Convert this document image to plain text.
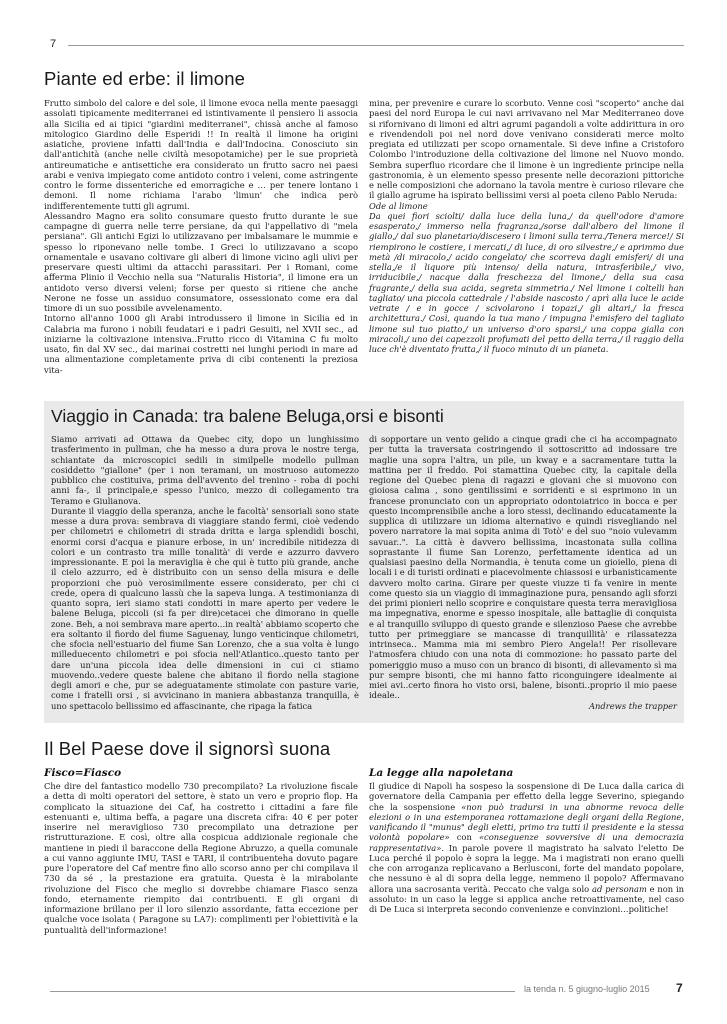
7
Piante ed erbe: il limone

Frutto simbolo del calore e del sole, il limone evoca nella mente paesaggi assolati tipicamente mediterranei ed istintivamente il pensiero li associa alla Sicilia ed ai tipici "giardini mediterranei", chissà anche al famoso mitologico Giardino delle Esperidi !! In realtà il limone ha origini asiatiche, proviene infatti dall'India e dall'Indocina. Conosciuto sin dall'antichità (anche nelle civiltà mesopotamiche) per le sue proprietà antireumatiche e antisettiche era considerato un frutto sacro nei paesi arabi e veniva impiegato come antidoto contro i veleni, come astringente contro le forme dissenteriche ed emorragiche e … per tenere lontano i demoni. Il nome richiama l'arabo 'limun' che indica però indifferentemente tutti gli agrumi.

Alessandro Magno era solito consumare questo frutto durante le sue campagne di guerra nelle terre persiane, da qui l'appellativo di "mela persiana". Gli antichi Egizi lo utilizzavano per imbalsamare le mummie e spesso lo riponevano nelle tombe. I Greci lo utilizzavano a scopo ornamentale e usavano coltivare gli alberi di limone vicino agli ulivi per preservare questi ultimi da attacchi parassitari. Per i Romani, come afferma Plinio il Vecchio nella sua "Naturalis Historia", il limone era un antidoto verso diversi veleni; forse per questo si ritiene che anche Nerone ne fosse un assiduo consumatore, ossessionato come era dal timore di un suo possibile avvelenamento.

Intorno all'anno 1000 gli Arabi introdussero il limone in Sicilia ed in Calabria ma furono i nobili feudatari e i padri Gesuiti, nel XVII sec., ad iniziarne la coltivazione intensiva..Frutto ricco di Vitamina C fu molto usato, fin dal XV sec., dai marinai costretti nei lunghi periodi in mare ad una alimentazione completamente priva di cibi contenenti la preziosa vita-

mina, per prevenire e curare lo scorbuto. Venne così "scoperto" anche dai paesi del nord Europa le cui navi arrivavano nel Mar Mediterraneo dove si rifornivano di limoni ed altri agrumi pagandoli a volte addirittura in oro e rivendendoli poi nel nord dove venivano considerati merce molto pregiata ed utilizzati per scopo ornamentale. Si deve infine a Cristoforo Colombo l'introduzione della coltivazione del limone nel Nuovo mondo. Sembra superfluo ricordare che il limone è un ingrediente principe nella gastronomia, è un elemento spesso presente nelle decorazioni pittoriche e nelle composizioni che adornano la tavola mentre è curioso rilevare che il giallo agrume ha ispirato bellissimi versi al poeta cileno Pablo Neruda:

Ode al limone

Da quei fiori sciolti/ dalla luce della luna,/ da quell'odore d'amore esasperato,/ immerso nella fragranza,/sorse dall'albero del limone il giallo,/ dal suo planetario/discesero i limoni sulla terra./Tenera merce!/ Si riempirono le costiere, i mercati,/ di luce, di oro silvestre,/ e aprimmo due metà /di miracolo,/ acido congelato/ che scorreva dagli emisferi/ di una stella,/e il liquore più intenso/ della natura, intrasferibile,/ vivo, irriducibile,/ nacque dalla freschezza del limone,/ della sua casa fragrante,/ della sua acida, segreta simmetria./ Nel limone i coltelli han tagliato/ una piccola cattedrale / l'abside nascosto / aprì alla luce le acide vetrate / e in gocce / scivolarono i topazi,/ gli altari,/ la fresca architettura./ Così, quando la tua mano / impugna l'emisfero del tagliato limone sul tuo piatto,/ un universo d'oro sparsi,/ una coppa gialla con miracoli,/ uno dei capezzoli profumati del petto della terra,/ il raggio della luce ch'è diventato frutta,/ il fuoco minuto di un pianeta.

Viaggio in Canada: tra balene Beluga,orsi e bisonti

Siamo arrivati ad Ottawa da Quebec city, dopo un lunghissimo trasferimento in pullman, che ha messo a dura prova le nostre terga, schiantate da microscopici sedili in similpelle modello pullman cosiddetto "giallone" (per i non teramani, un mostruoso automezzo pubblico che costituiva, prima dell'avvento del trenino - roba di pochi anni fa-, il principale,e spesso l'unico, mezzo di collegamento tra Teramo e Giulianova.

Durante il viaggio della speranza, anche le facoltà' sensoriali sono state messe a dura prova: sembrava di viaggiare stando fermi, cioè vedendo per chilometri e chilometri di strada dritta e larga splendidi boschi, enormi corsi d'acqua e pianure erbose, in un' incredibile nitidezza di colori e un contrasto tra mille tonalità' di verde e azzurro davvero impressionante. E poi la meraviglia è che qui è tutto più grande, anche il cielo azzurro, ed è distribuito con un senso della misura e delle proporzioni che può verosimilmente essere considerato, per chi ci crede, opera di qualcuno lassù che la sapeva lunga. A testimonianza di quanto sopra, ieri siamo stati condotti in mare aperto per vedere le balene Beluga, piccoli (si fa per dire)cetacei che dimorano in quelle zone. Beh, a noi sembrava mare aperto...in realtà' abbiamo scoperto che era soltanto il fiordo del fiume Saguenay, lungo venticinque chilometri, che sfocia nell'estuario del fiume San Lorenzo, che a sua volta è lungo milleduecento chilometri e poi sfocia nell'Atlantico..questo tanto per dare un'una piccola idea delle dimensioni in cui ci stiamo muovendo..vedere queste balene che abitano il fiordo nella stagione degli amori e che, pur se adeguatamente stimolate con pasture varie, come i fratelli orsi , si avvicinano in maniera abbastanza tranquilla, è uno spettacolo bellissimo ed affascinante, che ripaga la fatica

di sopportare un vento gelido a cinque gradi che ci ha accompagnato per tutta la traversata costringendo il sottoscritto ad indossare tre maglie una sopra l'altra, un pile, un kway e a sacramentare tutta la mattina per il freddo. Poi stamattina Quebec city, la capitale della regione del Quebec piena di ragazzi e giovani che si muovono con gioiosa calma , sono gentilissimi e sorridenti e si esprimono in un francese pronunciato con un appropriato odontoiatrico in bocca e per questo incomprensibile anche a loro stessi, declinando educatamente la supplica di utilizzare un idioma alternativo e quindi risvegliando nel povero narratore la mai sopita anima di Totò' e del suo "noio vulevamm savuar..". La città è davvero bellissima, incastonata sulla collina soprastante il fiume San Lorenzo, perfettamente identica ad un qualsiasi paesino della Normandia, è tenuta come un gioiello, piena di locali i e di turisti ordinati e piacevolmente chiassosi e urbanisticamente davvero molto carina. Girare per queste viuzze ti fa venire in mente come questo sia un viaggio di immaginazione pura, pensando agli sforzi dei primi pionieri nello scoprire e conquistare questa terra meravigliosa ma impegnativa, enorme e spesso inospitale, alle battaglie di conquista e al tranquillo sviluppo di questo grande e silenzioso Paese che avrebbe tutto per primeggiare se mancasse di tranquillità' e rilassatezza intrinseca.. Mamma mia mi sembro Piero Angela!! Per risollevare l'atmosfera chiudo con una nota di commozione: ho passato parte del pomeriggio muso a muso con un branco di bisonti, di allevamento sì ma pur sempre bisonti, che mi hanno fatto riconguingere idealmente ai miei avi..certo finora ho visto orsi, balene, bisonti..proprio il mio paese ideale..

Andrews the trapper

Il Bel Paese dove il signorsì suona
Fisco=Fiasco

Che dire del fantastico modello 730 precompilato? La rivoluzione fiscale a detta di molti operatori del settore, è stato un vero e proprio flop. Ha complicato la situazione dei Caf, ha costretto i cittadini a fare file estenuanti e, ultima beffa, a pagare una discreta cifra: 40 € per poter inserire nel meraviglioso 730 precompilato una detrazione per ristrutturazione. E così, oltre alla cospicua addizionale regionale che mantiene in piedi il baraccone della Regione Abruzzo, a quella comunale a cui vanno aggiunte IMU, TASI e TARI, il contribuenteha dovuto pagare pure l'operatore del Caf mentre fino allo scorso anno per chi compilava il 730 da sé , la prestazione era gratuita. Questa è la mirabolante rivoluzione del Fisco che meglio si dovrebbe chiamare Fiasco senza fondo, eternamente riempito dai contribuenti. E gli organi di informazione brillano per il loro silenzio assordante, fatta eccezione per qualche voce isolata ( Paragone su LA7): complimenti per l'obiettività e la puntualità dell'informazione!

La legge alla napoletana

Il giudice di Napoli ha sospeso la sospensione di De Luca dalla carica di governatore della Campania per effetto della legge Severino, spiegando che la sospensione «non può tradursi in una abnorme revoca delle elezioni o in una estemporanea rottamazione degli organi della Regione, vanificando il "munus" degli eletti, primo tra tutti il presidente e la stessa volontà popolare» con «conseguenze sovversive di una democrazia rappresentativa». In parole povere il magistrato ha salvato l'eletto De Luca perché il popolo è sopra la legge. Ma i magistrati non erano quelli che con arroganza replicavano a Berlusconi, forte del mandato popolare, che nessuno è al di sopra della legge, nemmeno il popolo? Affermavano allora una sacrosanta verità. Peccato che valga solo ad personam e non in assoluto: in un caso la legge si applica anche retroattivamente, nel caso di De Luca si interpreta secondo convenienze e convinzioni…politiche!

la tenda n. 5 giugno-luglio 2015 7
